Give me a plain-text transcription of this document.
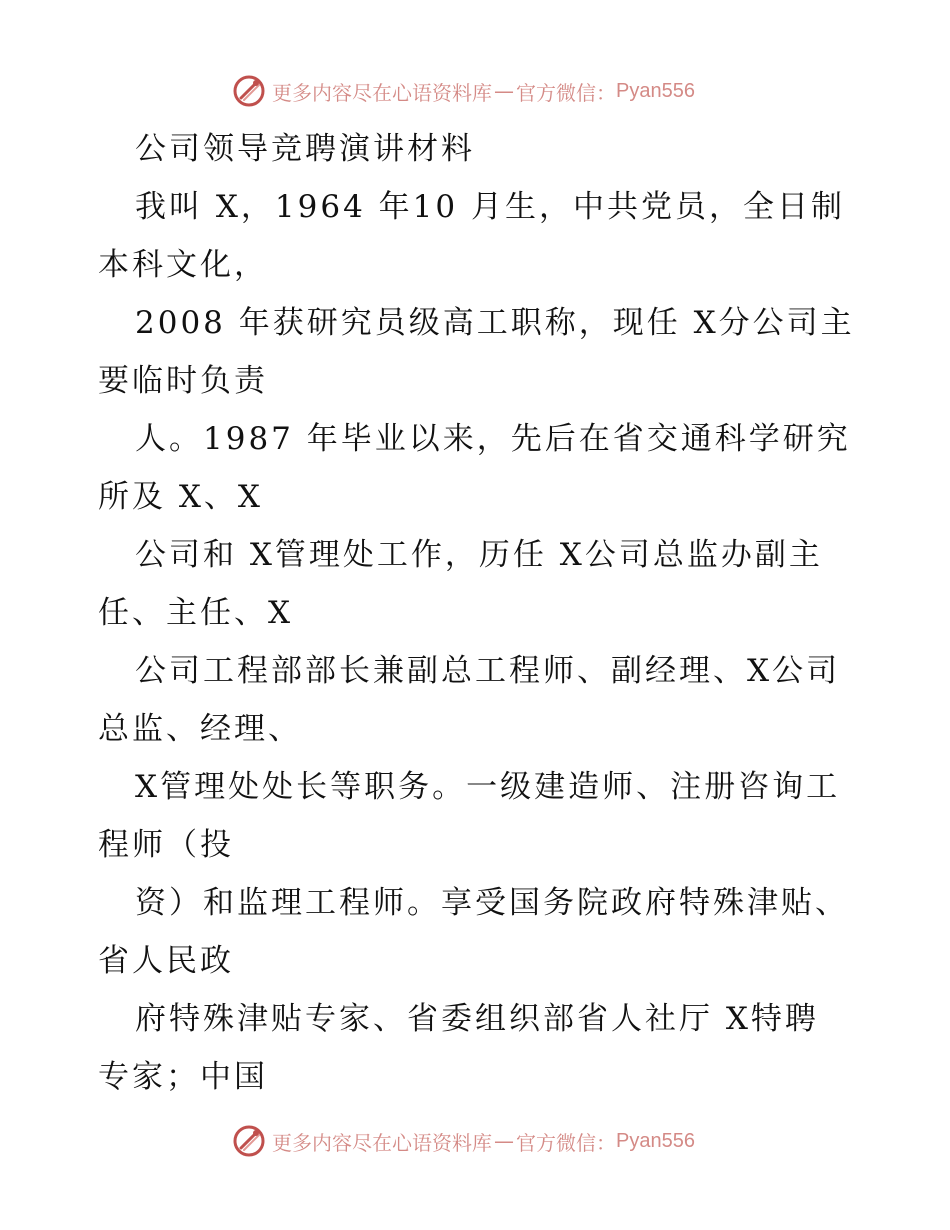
更多内容尽在心语资料库 — 官方微信： Pyan556
公司领导竞聘演讲材料
我叫 X，1964 年10 月生，中共党员，全日制
本科文化，
2008 年获研究员级高工职称，现任 X分公司主
要临时负责
人。1987 年毕业以来，先后在省交通科学研究
所及 X、X
公司和 X管理处工作，历任 X公司总监办副主
任、主任、X
公司工程部部长兼副总工程师、副经理、X公司
总监、经理、
X管理处处长等职务。一级建造师、注册咨询工
程师（投
资）和监理工程师。享受国务院政府特殊津贴、
省人民政
府特殊津贴专家、省委组织部省人社厅 X特聘
专家；中国
更多内容尽在心语资料库 — 官方微信： Pyan556
